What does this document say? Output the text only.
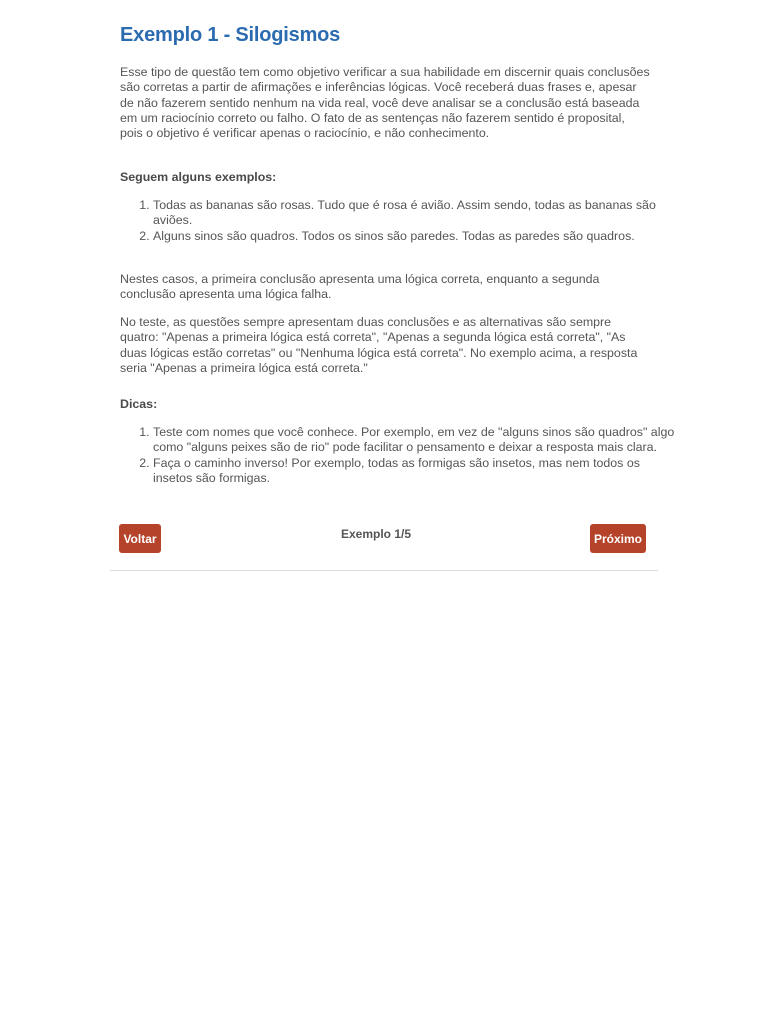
Exemplo 1 - Silogismos

Esse tipo de questão tem como objetivo verificar a sua habilidade em discernir quais conclusões são corretas a partir de afirmações e inferências lógicas. Você receberá duas frases e, apesar de não fazerem sentido nenhum na vida real, você deve analisar se a conclusão está baseada em um raciocínio correto ou falho. O fato de as sentenças não fazerem sentido é proposital, pois o objetivo é verificar apenas o raciocínio, e não conhecimento.

Seguem alguns exemplos:
1. Todas as bananas são rosas. Tudo que é rosa é avião. Assim sendo, todas as bananas são aviões.
2. Alguns sinos são quadros. Todos os sinos são paredes. Todas as paredes são quadros.

Nestes casos, a primeira conclusão apresenta uma lógica correta, enquanto a segunda conclusão apresenta uma lógica falha.

No teste, as questões sempre apresentam duas conclusões e as alternativas são sempre quatro: "Apenas a primeira lógica está correta", "Apenas a segunda lógica está correta", "As duas lógicas estão corretas" ou "Nenhuma lógica está correta". No exemplo acima, a resposta seria "Apenas a primeira lógica está correta."

Dicas:
1. Teste com nomes que você conhece. Por exemplo, em vez de "alguns sinos são quadros" algo como "alguns peixes são de rio" pode facilitar o pensamento e deixar a resposta mais clara.
2. Faça o caminho inverso! Por exemplo, todas as formigas são insetos, mas nem todos os insetos são formigas.
Voltar	Exemplo 1/5	Próximo
